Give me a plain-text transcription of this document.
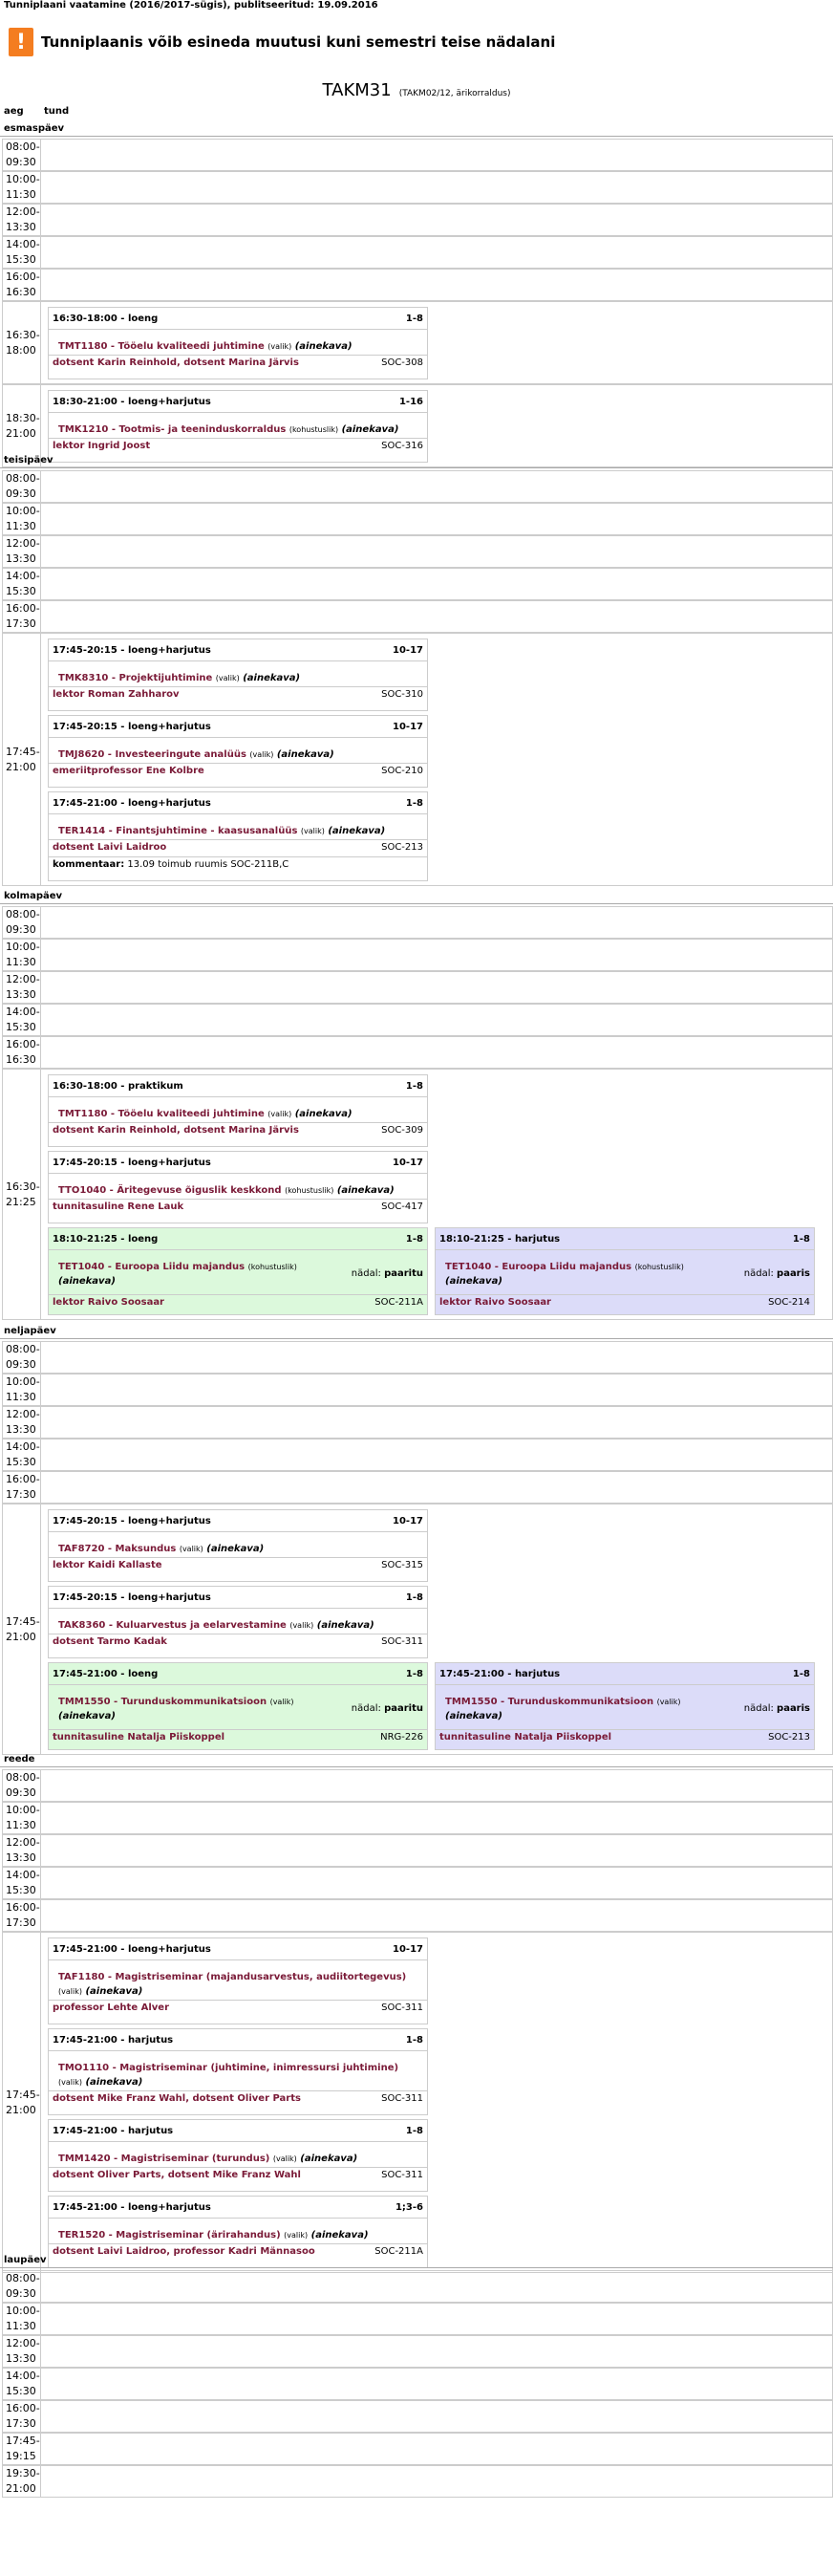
Tunniplaani vaatamine (2016/2017-sügis), publitseeritud: 19.09.2016
!	Tunniplaanis võib esineda muutusi kuni semestri teise nädalani
TAKM31 (TAKM02/12, ärikorraldus)
aeg tund
esmaspäev
08:00-
09:30
10:00-
11:30
12:00-
13:30
14:00-
15:30
16:00-
16:30
16:30-
18:00
16:30-18:00 - loeng	1-8
TMT1180 - Tööelu kvaliteedi juhtimine (valik) (ainekava)
dotsent Karin Reinhold, dotsent Marina Järvis	SOC-308
18:30-
21:00
18:30-21:00 - loeng+harjutus	1-16
TMK1210 - Tootmis- ja teeninduskorraldus (kohustuslik) (ainekava)
lektor Ingrid Joost	SOC-316
teisipäev
08:00-
09:30
10:00-
11:30
12:00-
13:30
14:00-
15:30
16:00-
17:30
17:45-
21:00
17:45-20:15 - loeng+harjutus	10-17
TMK8310 - Projektijuhtimine (valik) (ainekava)
lektor Roman Zahharov	SOC-310
17:45-20:15 - loeng+harjutus	10-17
TMJ8620 - Investeeringute analüüs (valik) (ainekava)
emeriitprofessor Ene Kolbre	SOC-210
17:45-21:00 - loeng+harjutus	1-8
TER1414 - Finantsjuhtimine - kaasusanalüüs (valik) (ainekava)
dotsent Laivi Laidroo	SOC-213
kommentaar: 13.09 toimub ruumis SOC-211B,C
kolmapäev
08:00-
09:30
10:00-
11:30
12:00-
13:30
14:00-
15:30
16:00-
16:30
16:30-
21:25
16:30-18:00 - praktikum	1-8
TMT1180 - Tööelu kvaliteedi juhtimine (valik) (ainekava)
dotsent Karin Reinhold, dotsent Marina Järvis	SOC-309
17:45-20:15 - loeng+harjutus	10-17
TTO1040 - Äritegevuse õiguslik keskkond (kohustuslik) (ainekava)
tunnitasuline Rene Lauk	SOC-417
18:10-21:25 - loeng	1-8
TET1040 - Euroopa Liidu majandus (kohustuslik) (ainekava)
nädal: paaritu
lektor Raivo Soosaar	SOC-211A
18:10-21:25 - harjutus	1-8
TET1040 - Euroopa Liidu majandus (kohustuslik) (ainekava)
nädal: paaris
lektor Raivo Soosaar	SOC-214
neljapäev
08:00-
09:30
10:00-
11:30
12:00-
13:30
14:00-
15:30
16:00-
17:30
17:45-
21:00
17:45-20:15 - loeng+harjutus	10-17
TAF8720 - Maksundus (valik) (ainekava)
lektor Kaidi Kallaste	SOC-315
17:45-20:15 - loeng+harjutus	1-8
TAK8360 - Kuluarvestus ja eelarvestamine (valik) (ainekava)
dotsent Tarmo Kadak	SOC-311
17:45-21:00 - loeng	1-8
TMM1550 - Turunduskommunikatsioon (valik) (ainekava)
nädal: paaritu
tunnitasuline Natalja Piiskoppel	NRG-226
17:45-21:00 - harjutus	1-8
TMM1550 - Turunduskommunikatsioon (valik) (ainekava)
nädal: paaris
tunnitasuline Natalja Piiskoppel	SOC-213
reede
08:00-
09:30
10:00-
11:30
12:00-
13:30
14:00-
15:30
16:00-
17:30
17:45-
21:00
17:45-21:00 - loeng+harjutus	10-17
TAF1180 - Magistriseminar (majandusarvestus, audiitortegevus) (valik) (ainekava)
professor Lehte Alver	SOC-311
17:45-21:00 - harjutus	1-8
TMO1110 - Magistriseminar (juhtimine, inimressursi juhtimine) (valik) (ainekava)
dotsent Mike Franz Wahl, dotsent Oliver Parts	SOC-311
17:45-21:00 - harjutus	1-8
TMM1420 - Magistriseminar (turundus) (valik) (ainekava)
dotsent Oliver Parts, dotsent Mike Franz Wahl	SOC-311
17:45-21:00 - loeng+harjutus	1;3-6
TER1520 - Magistriseminar (ärirahandus) (valik) (ainekava)
dotsent Laivi Laidroo, professor Kadri Männasoo	SOC-211A
laupäev
08:00-
09:30
10:00-
11:30
12:00-
13:30
14:00-
15:30
16:00-
17:30
17:45-
19:15
19:30-
21:00
